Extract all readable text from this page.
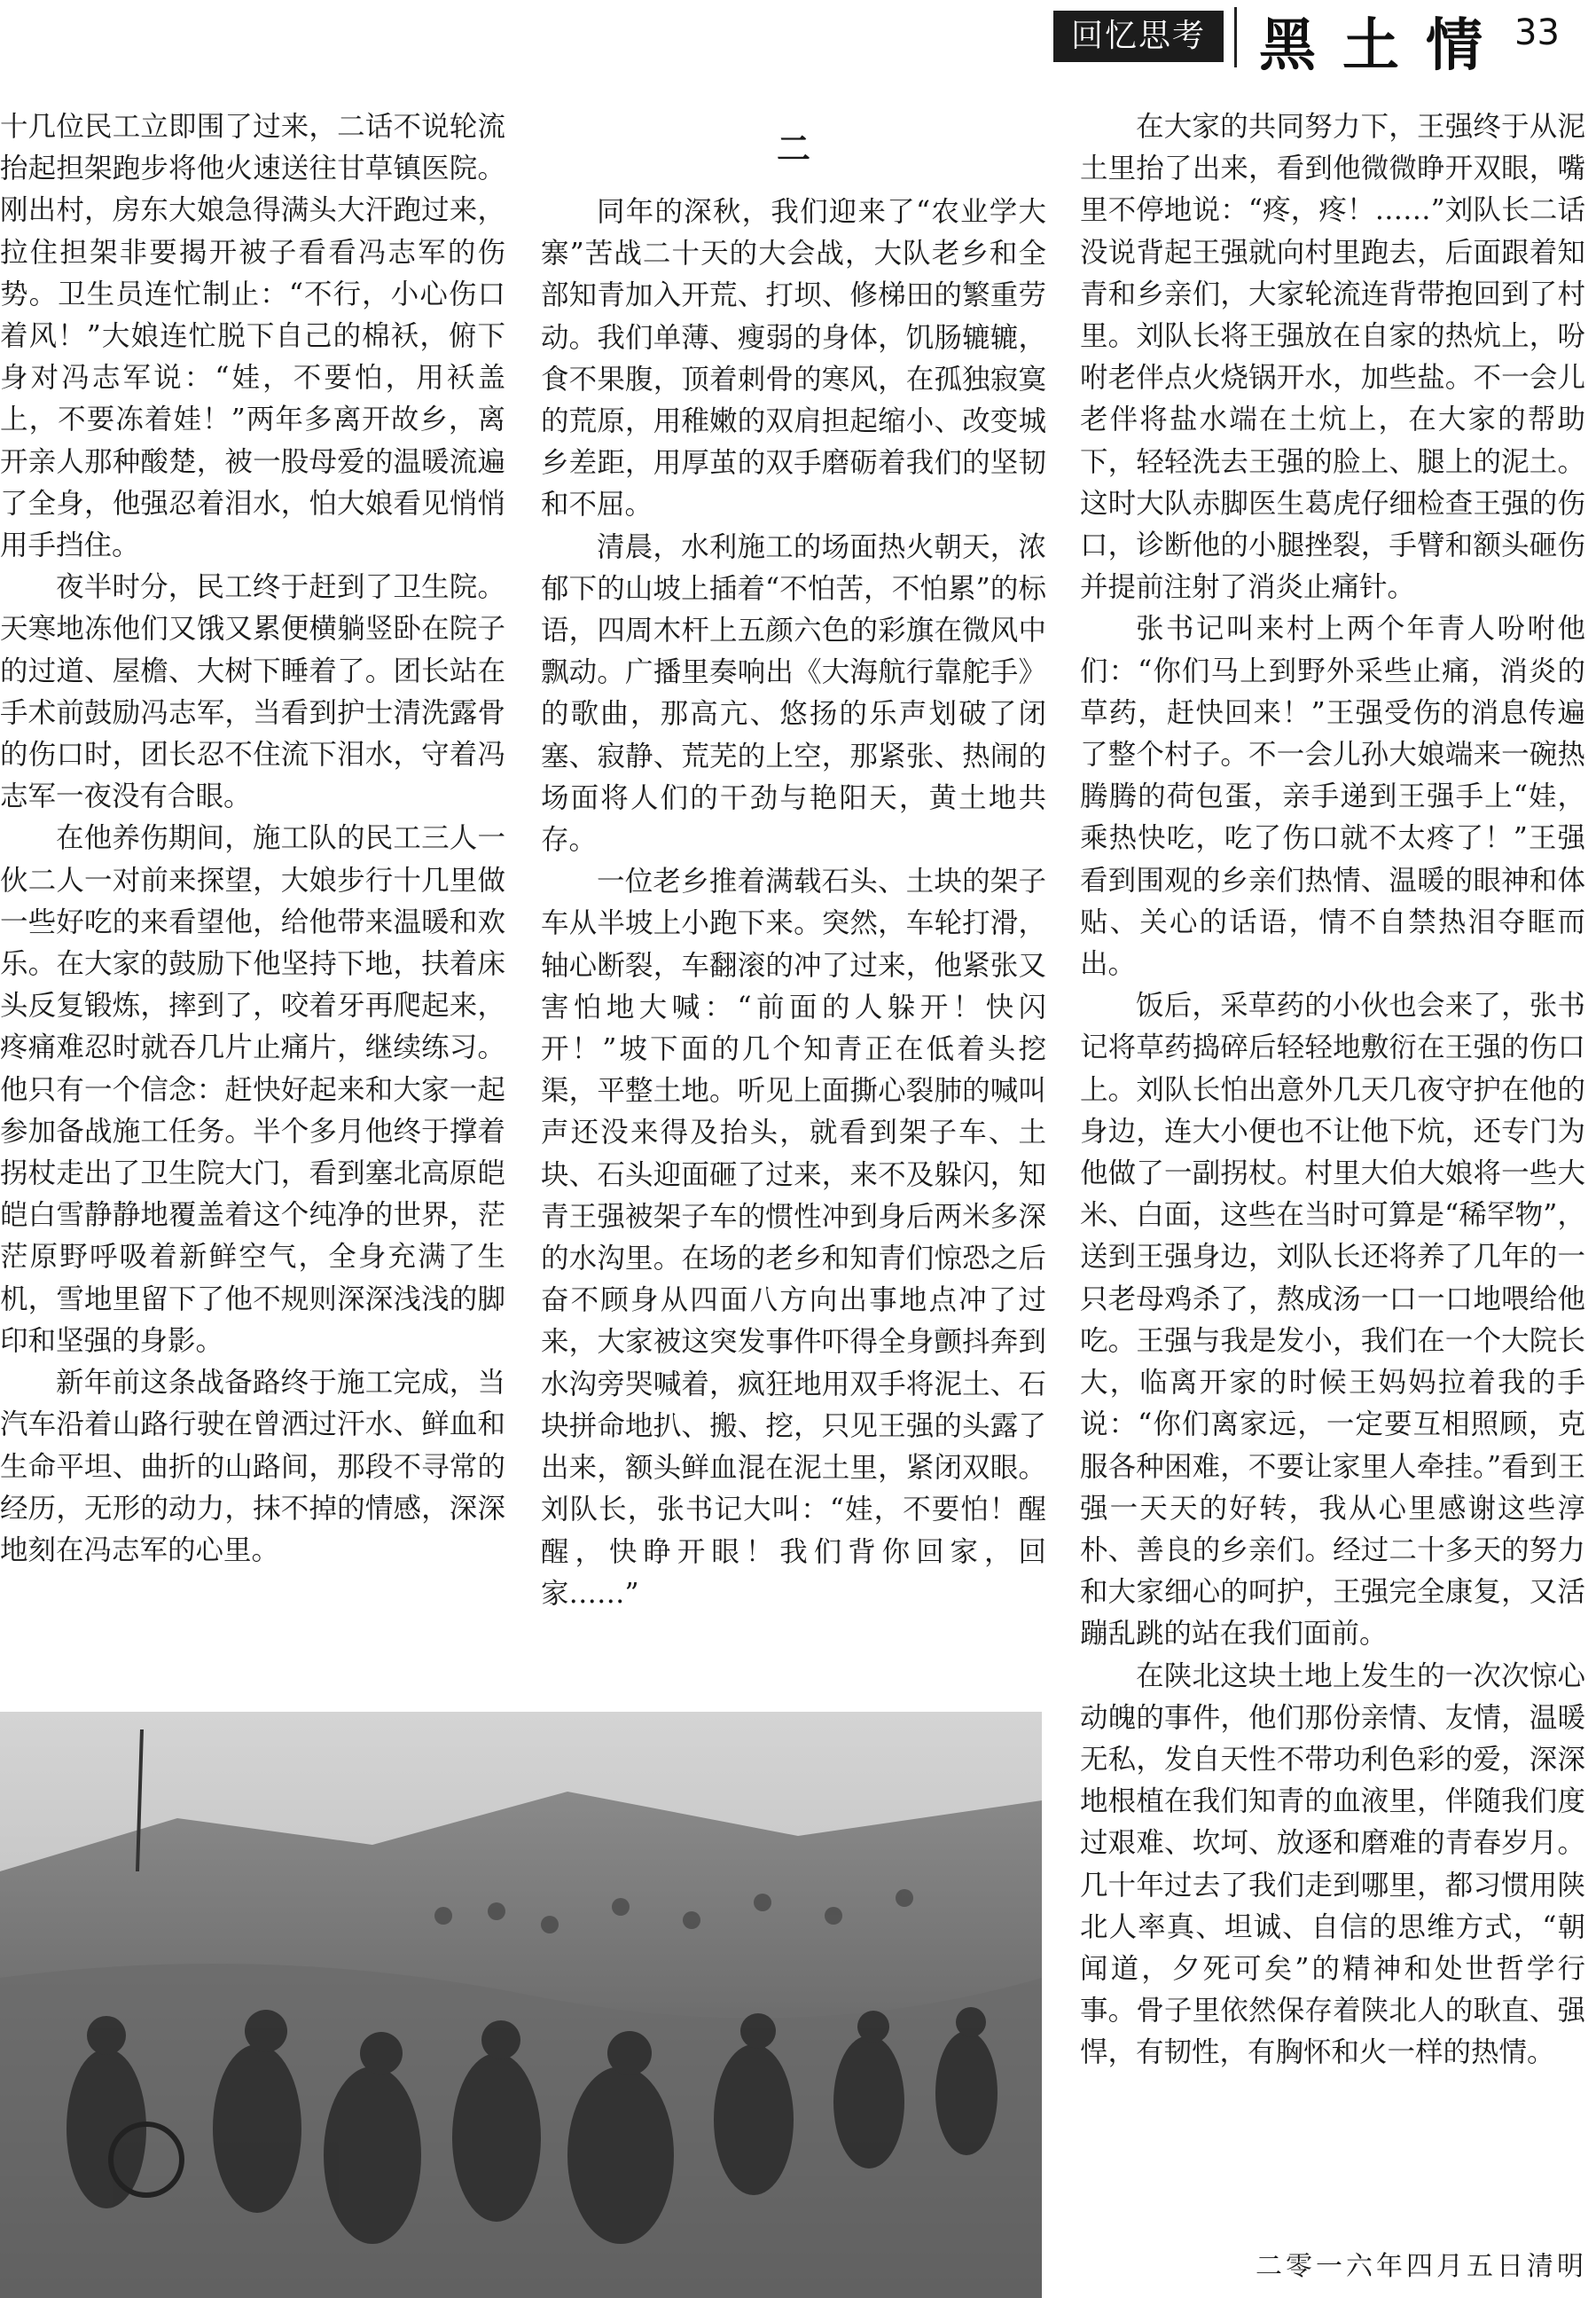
回忆思考 黑土情 33

十几位民工立即围了过来，二话不说轮流抬起担架跑步将他火速送往甘草镇医院。刚出村，房东大娘急得满头大汗跑过来，拉住担架非要揭开被子看看冯志军的伤势。卫生员连忙制止：“不行，小心伤口着风！”大娘连忙脱下自己的棉袄，俯下身对冯志军说：“娃，不要怕，用袄盖上，不要冻着娃！”两年多离开故乡，离开亲人那种酸楚，被一股母爱的温暖流遍了全身，他强忍着泪水，怕大娘看见悄悄用手挡住。

夜半时分，民工终于赶到了卫生院。天寒地冻他们又饿又累便横躺竖卧在院子的过道、屋檐、大树下睡着了。团长站在手术前鼓励冯志军，当看到护士清洗露骨的伤口时，团长忍不住流下泪水，守着冯志军一夜没有合眼。

在他养伤期间，施工队的民工三人一伙二人一对前来探望，大娘步行十几里做一些好吃的来看望他，给他带来温暖和欢乐。在大家的鼓励下他坚持下地，扶着床头反复锻炼，摔到了，咬着牙再爬起来，疼痛难忍时就吞几片止痛片，继续练习。他只有一个信念：赶快好起来和大家一起参加备战施工任务。半个多月他终于撑着拐杖走出了卫生院大门，看到塞北高原皑皑白雪静静地覆盖着这个纯净的世界，茫茫原野呼吸着新鲜空气，全身充满了生机，雪地里留下了他不规则深深浅浅的脚印和坚强的身影。

新年前这条战备路终于施工完成，当汽车沿着山路行驶在曾洒过汗水、鲜血和生命平坦、曲折的山路间，那段不寻常的经历，无形的动力，抹不掉的情感，深深地刻在冯志军的心里。

二

同年的深秋，我们迎来了“农业学大寨”苦战二十天的大会战，大队老乡和全部知青加入开荒、打坝、修梯田的繁重劳动。我们单薄、瘦弱的身体，饥肠辘辘，食不果腹，顶着刺骨的寒风，在孤独寂寞的荒原，用稚嫩的双肩担起缩小、改变城乡差距，用厚茧的双手磨砺着我们的坚韧和不屈。

清晨，水利施工的场面热火朝天，浓郁下的山坡上插着“不怕苦，不怕累”的标语，四周木杆上五颜六色的彩旗在微风中飘动。广播里奏响出《大海航行靠舵手》的歌曲，那高亢、悠扬的乐声划破了闭塞、寂静、荒芜的上空，那紧张、热闹的场面将人们的干劲与艳阳天，黄土地共存。

一位老乡推着满载石头、土块的架子车从半坡上小跑下来。突然，车轮打滑，轴心断裂，车翻滚的冲了过来，他紧张又害怕地大喊：“前面的人躲开！快闪开！”坡下面的几个知青正在低着头挖渠，平整土地。听见上面撕心裂肺的喊叫声还没来得及抬头，就看到架子车、土块、石头迎面砸了过来，来不及躲闪，知青王强被架子车的惯性冲到身后两米多深的水沟里。在场的老乡和知青们惊恐之后奋不顾身从四面八方向出事地点冲了过来，大家被这突发事件吓得全身颤抖奔到水沟旁哭喊着，疯狂地用双手将泥土、石块拼命地扒、搬、挖，只见王强的头露了出来，额头鲜血混在泥土里，紧闭双眼。刘队长，张书记大叫：“娃，不要怕！醒醒，快睁开眼！我们背你回家，回家……”

在大家的共同努力下，王强终于从泥土里抬了出来，看到他微微睁开双眼，嘴里不停地说：“疼，疼！……”刘队长二话没说背起王强就向村里跑去，后面跟着知青和乡亲们，大家轮流连背带抱回到了村里。刘队长将王强放在自家的热炕上，吩咐老伴点火烧锅开水，加些盐。不一会儿老伴将盐水端在土炕上，在大家的帮助下，轻轻洗去王强的脸上、腿上的泥土。这时大队赤脚医生葛虎仔细检查王强的伤口，诊断他的小腿挫裂，手臂和额头砸伤并提前注射了消炎止痛针。

张书记叫来村上两个年青人吩咐他们：“你们马上到野外采些止痛，消炎的草药，赶快回来！”王强受伤的消息传遍了整个村子。不一会儿孙大娘端来一碗热腾腾的荷包蛋，亲手递到王强手上“娃，乘热快吃，吃了伤口就不太疼了！”王强看到围观的乡亲们热情、温暖的眼神和体贴、关心的话语，情不自禁热泪夺眶而出。

饭后，采草药的小伙也会来了，张书记将草药捣碎后轻轻地敷衍在王强的伤口上。刘队长怕出意外几天几夜守护在他的身边，连大小便也不让他下炕，还专门为他做了一副拐杖。村里大伯大娘将一些大米、白面，这些在当时可算是“稀罕物”，送到王强身边，刘队长还将养了几年的一只老母鸡杀了，熬成汤一口一口地喂给他吃。王强与我是发小，我们在一个大院长大，临离开家的时候王妈妈拉着我的手说：“你们离家远，一定要互相照顾，克服各种困难，不要让家里人牵挂。”看到王强一天天的好转，我从心里感谢这些淳朴、善良的乡亲们。经过二十多天的努力和大家细心的呵护，王强完全康复，又活蹦乱跳的站在我们面前。

在陕北这块土地上发生的一次次惊心动魄的事件，他们那份亲情、友情，温暖无私，发自天性不带功利色彩的爱，深深地根植在我们知青的血液里，伴随我们度过艰难、坎坷、放逐和磨难的青春岁月。几十年过去了我们走到哪里，都习惯用陕北人率真、坦诚、自信的思维方式，“朝闻道，夕死可矣”的精神和处世哲学行事。骨子里依然保存着陕北人的耿直、强悍，有韧性，有胸怀和火一样的热情。

二零一六年四月五日清明
